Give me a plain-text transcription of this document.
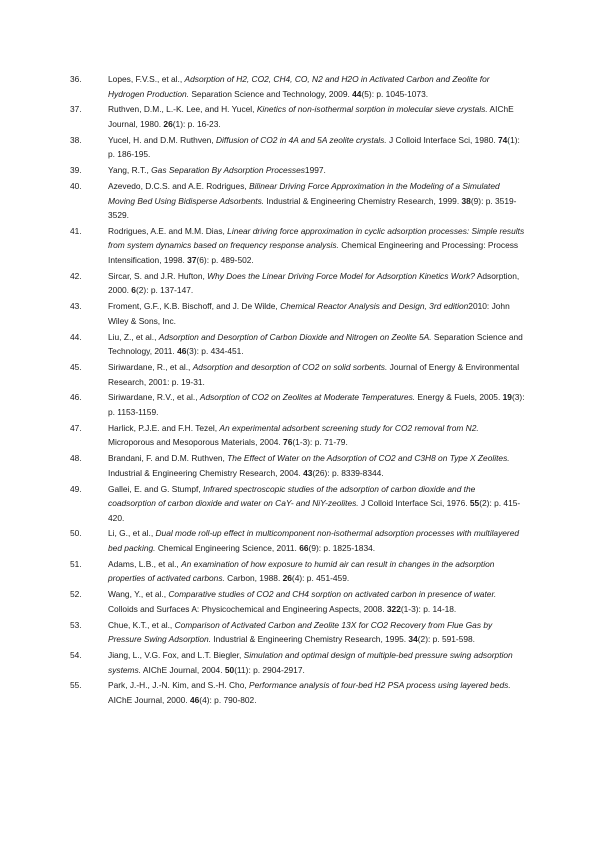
36.	Lopes, F.V.S., et al., Adsorption of H2, CO2, CH4, CO, N2 and H2O in Activated Carbon and Zeolite for Hydrogen Production. Separation Science and Technology, 2009. 44(5): p. 1045-1073.
37.	Ruthven, D.M., L.-K. Lee, and H. Yucel, Kinetics of non-isothermal sorption in molecular sieve crystals. AIChE Journal, 1980. 26(1): p. 16-23.
38.	Yucel, H. and D.M. Ruthven, Diffusion of CO2 in 4A and 5A zeolite crystals. J Colloid Interface Sci, 1980. 74(1): p. 186-195.
39.	Yang, R.T., Gas Separation By Adsorption Processes1997.
40.	Azevedo, D.C.S. and A.E. Rodrigues, Bilinear Driving Force Approximation in the Modeling of a Simulated Moving Bed Using Bidisperse Adsorbents. Industrial & Engineering Chemistry Research, 1999. 38(9): p. 3519-3529.
41.	Rodrigues, A.E. and M.M. Dias, Linear driving force approximation in cyclic adsorption processes: Simple results from system dynamics based on frequency response analysis. Chemical Engineering and Processing: Process Intensification, 1998. 37(6): p. 489-502.
42.	Sircar, S. and J.R. Hufton, Why Does the Linear Driving Force Model for Adsorption Kinetics Work? Adsorption, 2000. 6(2): p. 137-147.
43.	Froment, G.F., K.B. Bischoff, and J. De Wilde, Chemical Reactor Analysis and Design, 3rd edition2010: John Wiley & Sons, Inc.
44.	Liu, Z., et al., Adsorption and Desorption of Carbon Dioxide and Nitrogen on Zeolite 5A. Separation Science and Technology, 2011. 46(3): p. 434-451.
45.	Siriwardane, R., et al., Adsorption and desorption of CO2 on solid sorbents. Journal of Energy & Environmental Research, 2001: p. 19-31.
46.	Siriwardane, R.V., et al., Adsorption of CO2 on Zeolites at Moderate Temperatures. Energy & Fuels, 2005. 19(3): p. 1153-1159.
47.	Harlick, P.J.E. and F.H. Tezel, An experimental adsorbent screening study for CO2 removal from N2. Microporous and Mesoporous Materials, 2004. 76(1-3): p. 71-79.
48.	Brandani, F. and D.M. Ruthven, The Effect of Water on the Adsorption of CO2 and C3H8 on Type X Zeolites. Industrial & Engineering Chemistry Research, 2004. 43(26): p. 8339-8344.
49.	Gallei, E. and G. Stumpf, Infrared spectroscopic studies of the adsorption of carbon dioxide and the coadsorption of carbon dioxide and water on CaY- and NiY-zeolites. J Colloid Interface Sci, 1976. 55(2): p. 415-420.
50.	Li, G., et al., Dual mode roll-up effect in multicomponent non-isothermal adsorption processes with multilayered bed packing. Chemical Engineering Science, 2011. 66(9): p. 1825-1834.
51.	Adams, L.B., et al., An examination of how exposure to humid air can result in changes in the adsorption properties of activated carbons. Carbon, 1988. 26(4): p. 451-459.
52.	Wang, Y., et al., Comparative studies of CO2 and CH4 sorption on activated carbon in presence of water. Colloids and Surfaces A: Physicochemical and Engineering Aspects, 2008. 322(1-3): p. 14-18.
53.	Chue, K.T., et al., Comparison of Activated Carbon and Zeolite 13X for CO2 Recovery from Flue Gas by Pressure Swing Adsorption. Industrial & Engineering Chemistry Research, 1995. 34(2): p. 591-598.
54.	Jiang, L., V.G. Fox, and L.T. Biegler, Simulation and optimal design of multiple-bed pressure swing adsorption systems. AIChE Journal, 2004. 50(11): p. 2904-2917.
55.	Park, J.-H., J.-N. Kim, and S.-H. Cho, Performance analysis of four-bed H2 PSA process using layered beds. AIChE Journal, 2000. 46(4): p. 790-802.
